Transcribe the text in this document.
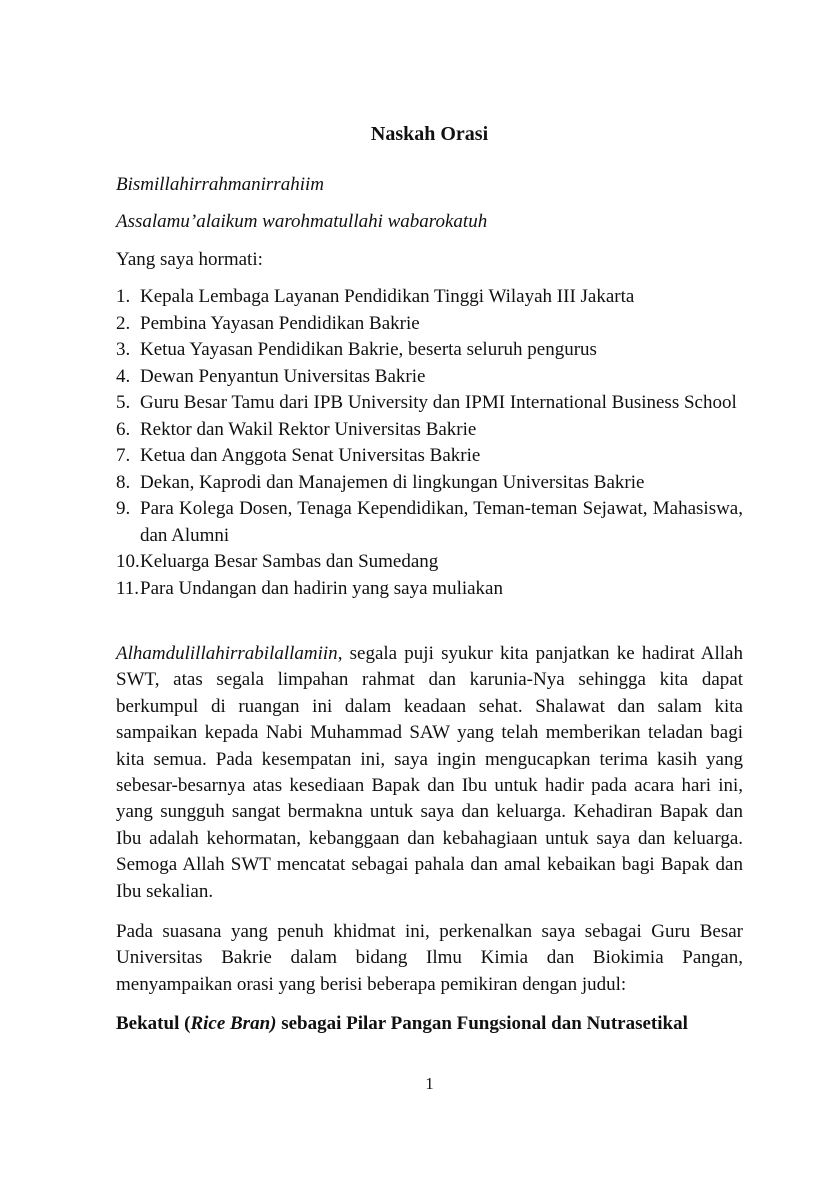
Naskah Orasi
Bismillahirrahmanirrahiim
Assalamu’alaikum warohmatullahi wabarokatuh
Yang saya hormati:
1. Kepala Lembaga Layanan Pendidikan Tinggi Wilayah III Jakarta
2. Pembina Yayasan Pendidikan Bakrie
3. Ketua Yayasan Pendidikan Bakrie, beserta seluruh pengurus
4. Dewan Penyantun Universitas Bakrie
5. Guru Besar Tamu dari IPB University dan IPMI International Business School
6. Rektor dan Wakil Rektor Universitas Bakrie
7. Ketua dan Anggota Senat Universitas Bakrie
8. Dekan, Kaprodi dan Manajemen di lingkungan Universitas Bakrie
9. Para Kolega Dosen, Tenaga Kependidikan, Teman-teman Sejawat, Mahasiswa, dan Alumni
10. Keluarga Besar Sambas dan Sumedang
11. Para Undangan dan hadirin yang saya muliakan

Alhamdulillahirrabilallamiin, segala puji syukur kita panjatkan ke hadirat Allah SWT, atas segala limpahan rahmat dan karunia-Nya sehingga kita dapat berkumpul di ruangan ini dalam keadaan sehat. Shalawat dan salam kita sampaikan kepada Nabi Muhammad SAW yang telah memberikan teladan bagi kita semua. Pada kesempatan ini, saya ingin mengucapkan terima kasih yang sebesar-besarnya atas kesediaan Bapak dan Ibu untuk hadir pada acara hari ini, yang sungguh sangat bermakna untuk saya dan keluarga. Kehadiran Bapak dan Ibu adalah kehormatan, kebanggaan dan kebahagiaan untuk saya dan keluarga. Semoga Allah SWT mencatat sebagai pahala dan amal kebaikan bagi Bapak dan Ibu sekalian.

Pada suasana yang penuh khidmat ini, perkenalkan saya sebagai Guru Besar Universitas Bakrie dalam bidang Ilmu Kimia dan Biokimia Pangan, menyampaikan orasi yang berisi beberapa pemikiran dengan judul:

Bekatul (Rice Bran) sebagai Pilar Pangan Fungsional dan Nutrasetikal
1
